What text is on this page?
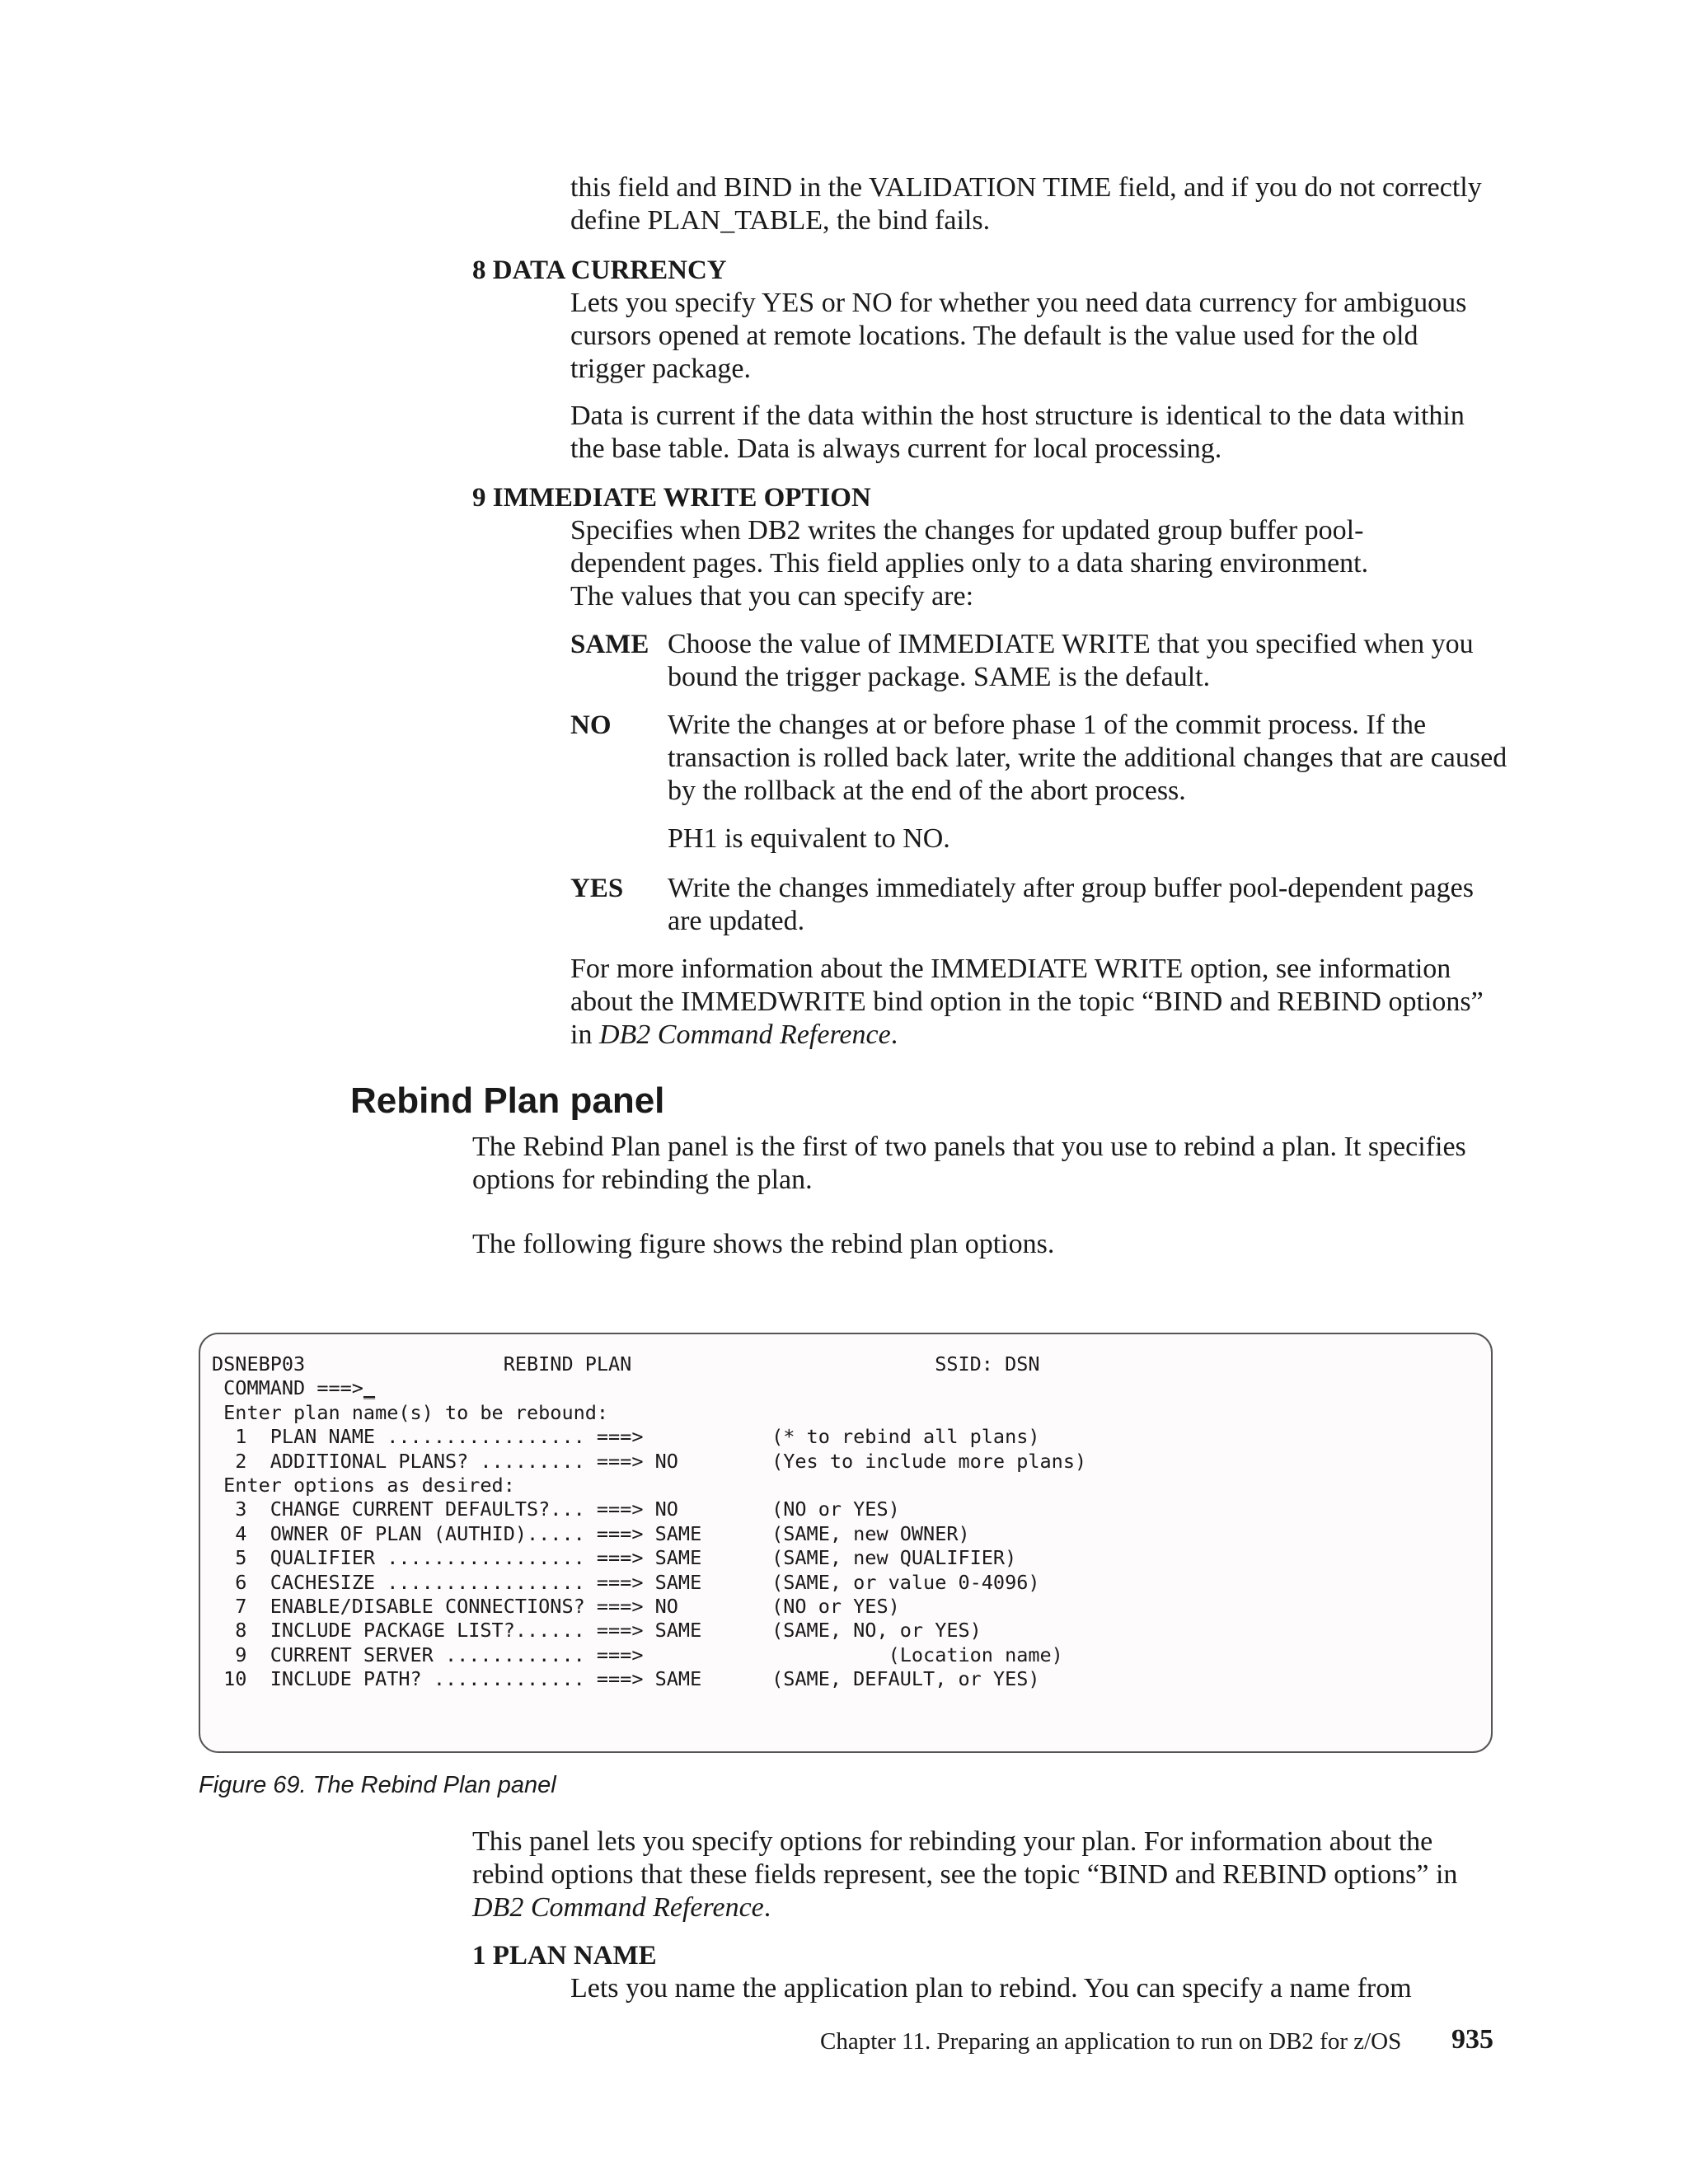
this field and BIND in the VALIDATION TIME field, and if you do not correctly define PLAN_TABLE, the bind fails.

8 DATA CURRENCY

Lets you specify YES or NO for whether you need data currency for ambiguous cursors opened at remote locations. The default is the value used for the old trigger package.

Data is current if the data within the host structure is identical to the data within the base table. Data is always current for local processing.

9 IMMEDIATE WRITE OPTION

Specifies when DB2 writes the changes for updated group buffer pool-dependent pages. This field applies only to a data sharing environment. The values that you can specify are:

SAME Choose the value of IMMEDIATE WRITE that you specified when you bound the trigger package. SAME is the default.

NO Write the changes at or before phase 1 of the commit process. If the transaction is rolled back later, write the additional changes that are caused by the rollback at the end of the abort process.

PH1 is equivalent to NO.

YES Write the changes immediately after group buffer pool-dependent pages are updated.

For more information about the IMMEDIATE WRITE option, see information about the IMMEDWRITE bind option in the topic “BIND and REBIND options” in DB2 Command Reference.

Rebind Plan panel

The Rebind Plan panel is the first of two panels that you use to rebind a plan. It specifies options for rebinding the plan.

The following figure shows the rebind plan options.

DSNEBP03                 REBIND PLAN                          SSID: DSN
COMMAND ===>_
Enter plan name(s) to be rebound:
1  PLAN NAME ................. ===>           (* to rebind all plans)
2  ADDITIONAL PLANS? ......... ===> NO        (Yes to include more plans)
Enter options as desired:
3  CHANGE CURRENT DEFAULTS?... ===> NO        (NO or YES)
4  OWNER OF PLAN (AUTHID)..... ===> SAME      (SAME, new OWNER)
5  QUALIFIER ................. ===> SAME      (SAME, new QUALIFIER)
6  CACHESIZE ................. ===> SAME      (SAME, or value 0-4096)
7  ENABLE/DISABLE CONNECTIONS? ===> NO        (NO or YES)
8  INCLUDE PACKAGE LIST?...... ===> SAME      (SAME, NO, or YES)
9  CURRENT SERVER ............ ===>                     (Location name)
10  INCLUDE PATH? ............. ===> SAME      (SAME, DEFAULT, or YES)
Figure 69. The Rebind Plan panel

This panel lets you specify options for rebinding your plan. For information about the rebind options that these fields represent, see the topic “BIND and REBIND options” in DB2 Command Reference.

1 PLAN NAME

Lets you name the application plan to rebind. You can specify a name from

Chapter 11. Preparing an application to run on DB2 for z/OS 935
